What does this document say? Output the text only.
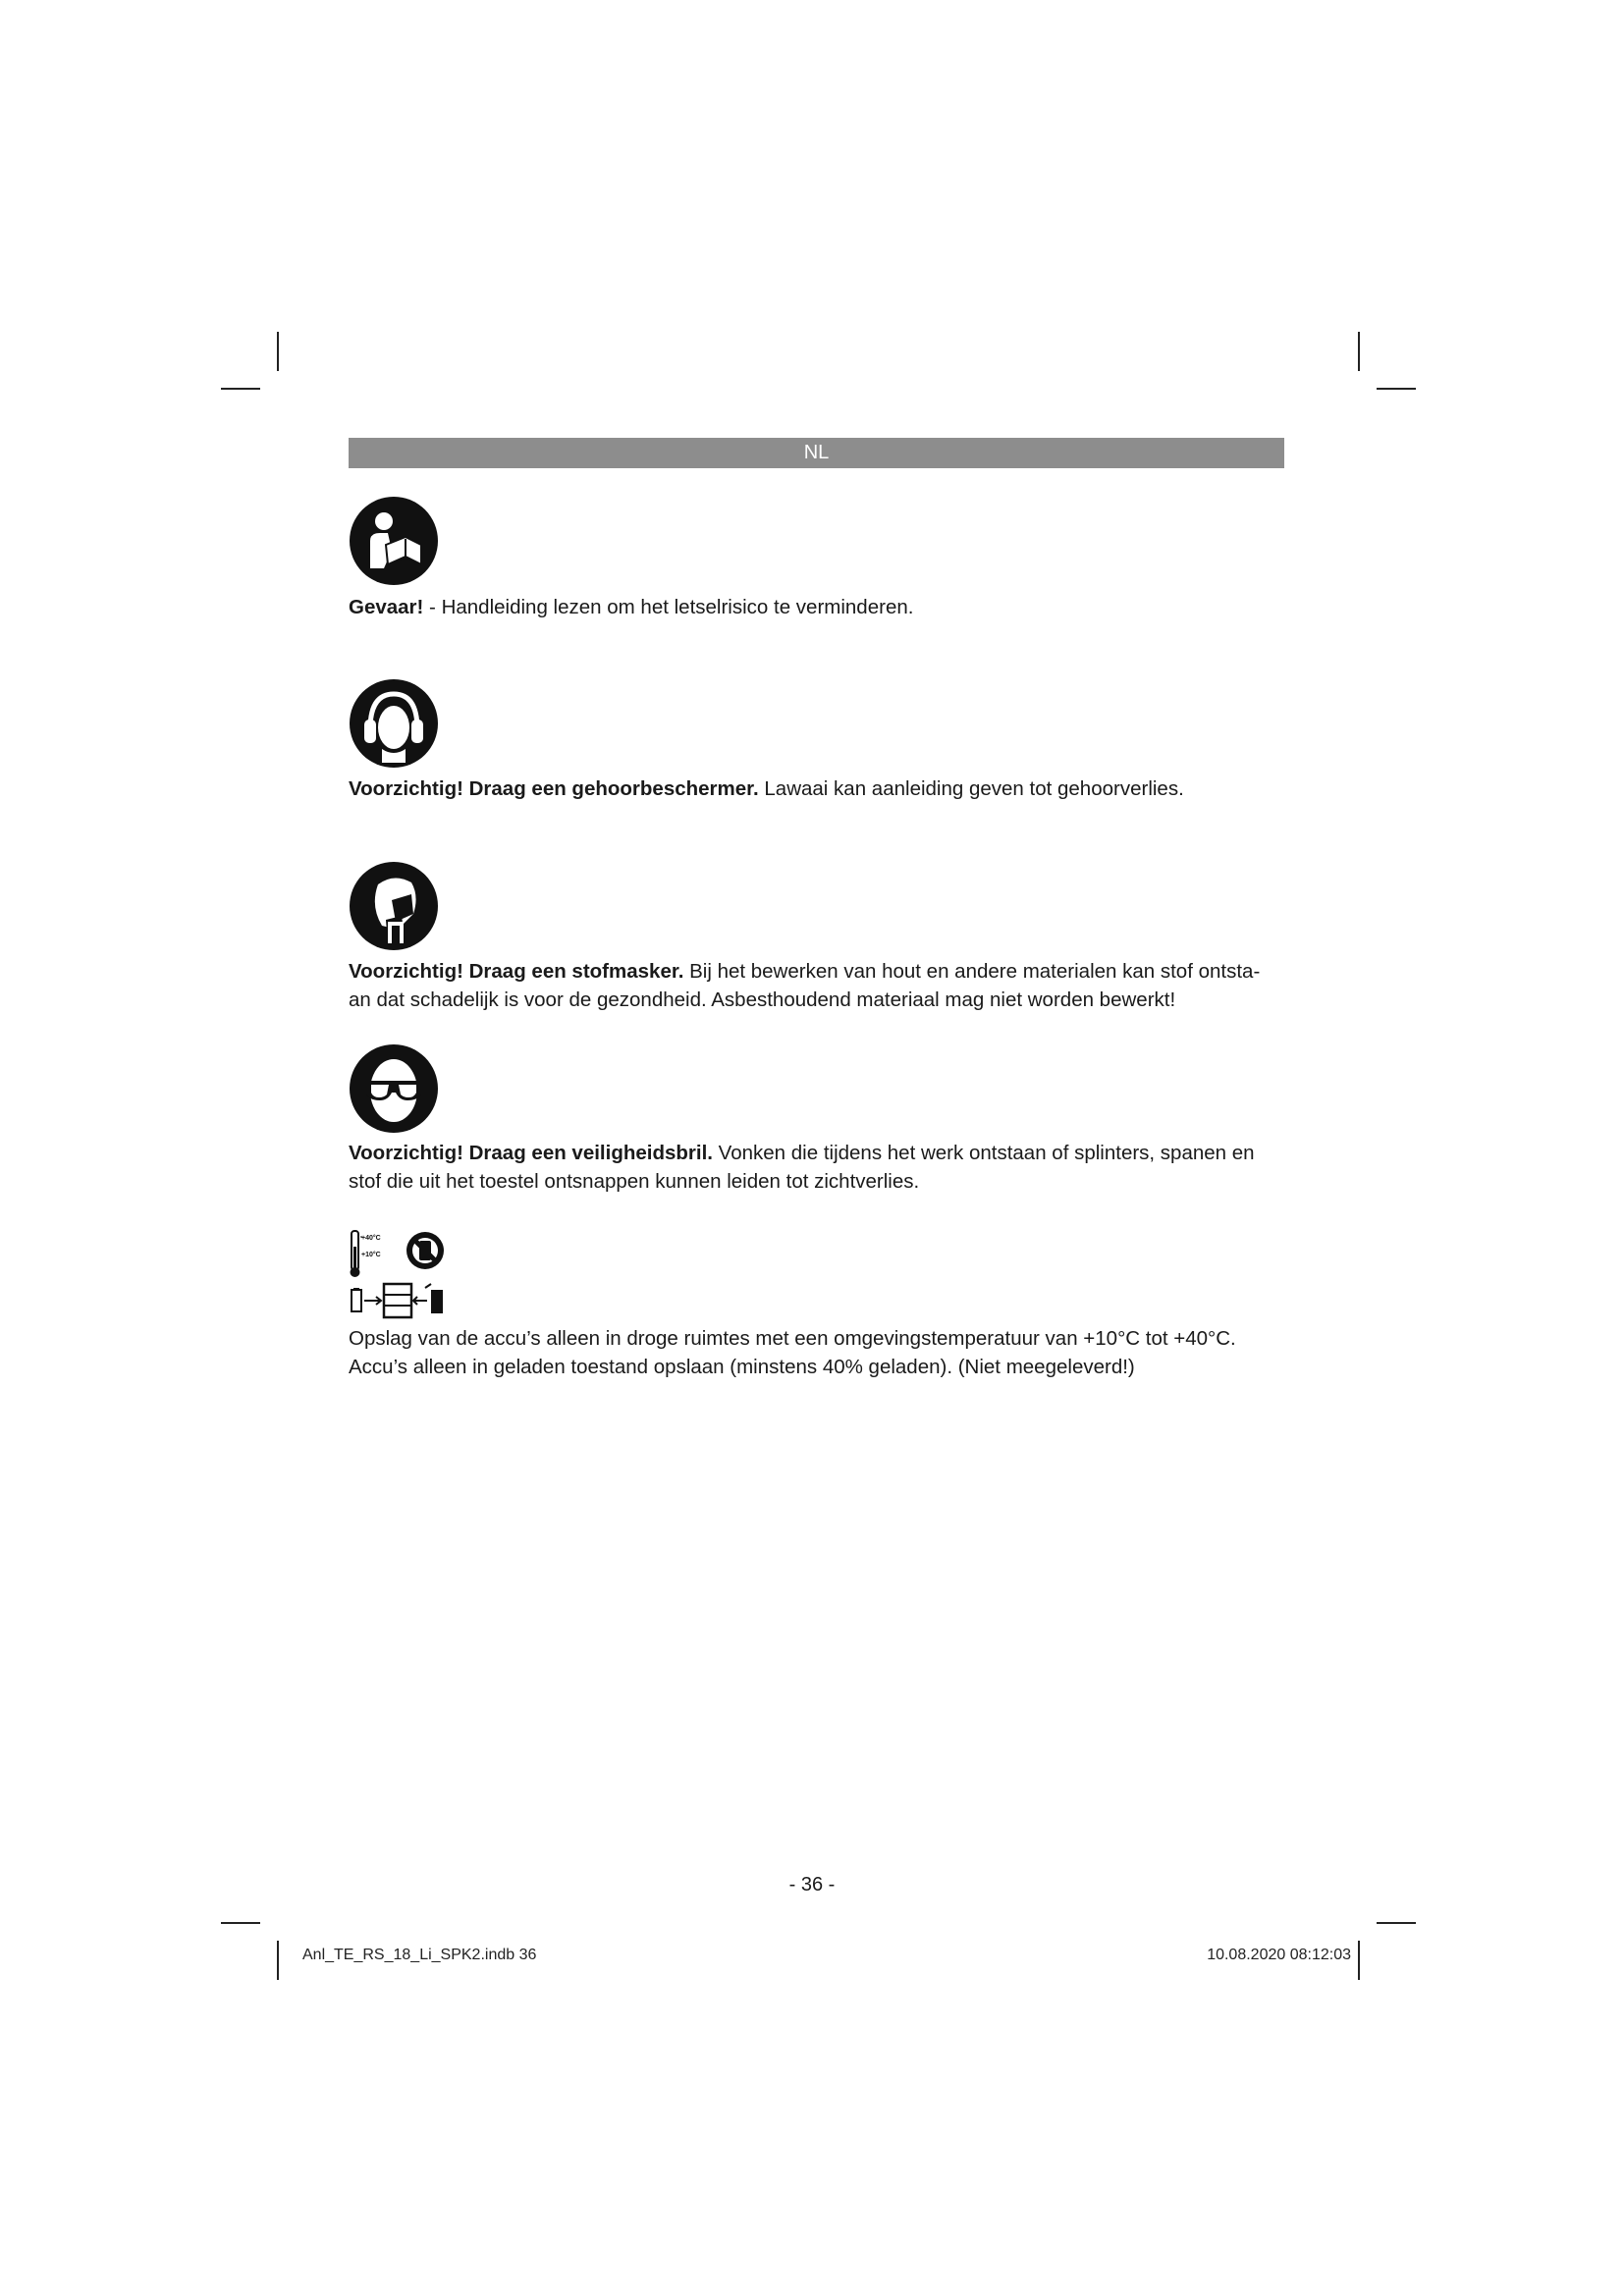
NL

Gevaar! - Handleiding lezen om het letselrisico te verminderen.

Voorzichtig! Draag een gehoorbeschermer. Lawaai kan aanleiding geven tot gehoorverlies.

Voorzichtig! Draag een stofmasker. Bij het bewerken van hout en andere materialen kan stof ontsta-
an dat schadelijk is voor de gezondheid. Asbesthoudend materiaal mag niet worden bewerkt!

Voorzichtig! Draag een veiligheidsbril. Vonken die tijdens het werk ontstaan of splinters, spanen en
stof die uit het toestel ontsnappen kunnen leiden tot zichtverlies.

+40°C
+10°C

Opslag van de accu’s alleen in droge ruimtes met een omgevingstemperatuur van +10°C tot +40°C.
Accu’s alleen in geladen toestand opslaan (minstens 40% geladen). (Niet meegeleverd!)

- 36 -
Anl_TE_RS_18_Li_SPK2.indb 36	10.08.2020 08:12:03
